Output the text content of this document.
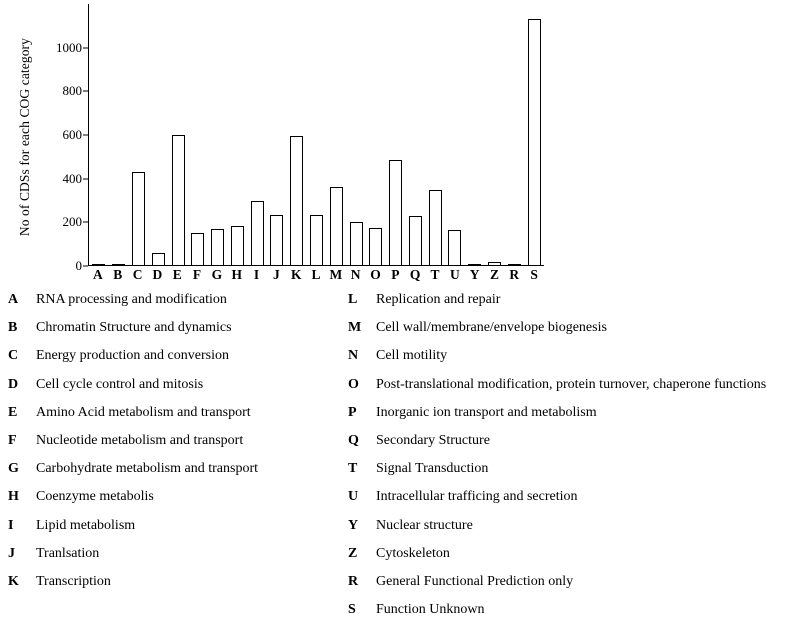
No of CDSs for each COG category
0
200
400
600
800
1000
A B C D E F G H I	J K L M N O P Q T U Y Z R S
A	RNA processing and modification
B	Chromatin Structure and dynamics
C	Energy production and conversion
D	Cell cycle control and mitosis
E	Amino Acid metabolism and transport
F	Nucleotide metabolism and transport
G	Carbohydrate metabolism and transport
H	Coenzyme metabolis
I	Lipid metabolism
J	Tranlsation
K	Transcription
L	Replication and repair
M	Cell wall/membrane/envelope biogenesis
N	Cell motility
O	Post-translational modification, protein turnover, chaperone functions
P	Inorganic ion transport and metabolism
Q	Secondary Structure
T	Signal Transduction
U	Intracellular trafficing and secretion
Y	Nuclear structure
Z	Cytoskeleton
R	General Functional Prediction only
S	Function Unknown
